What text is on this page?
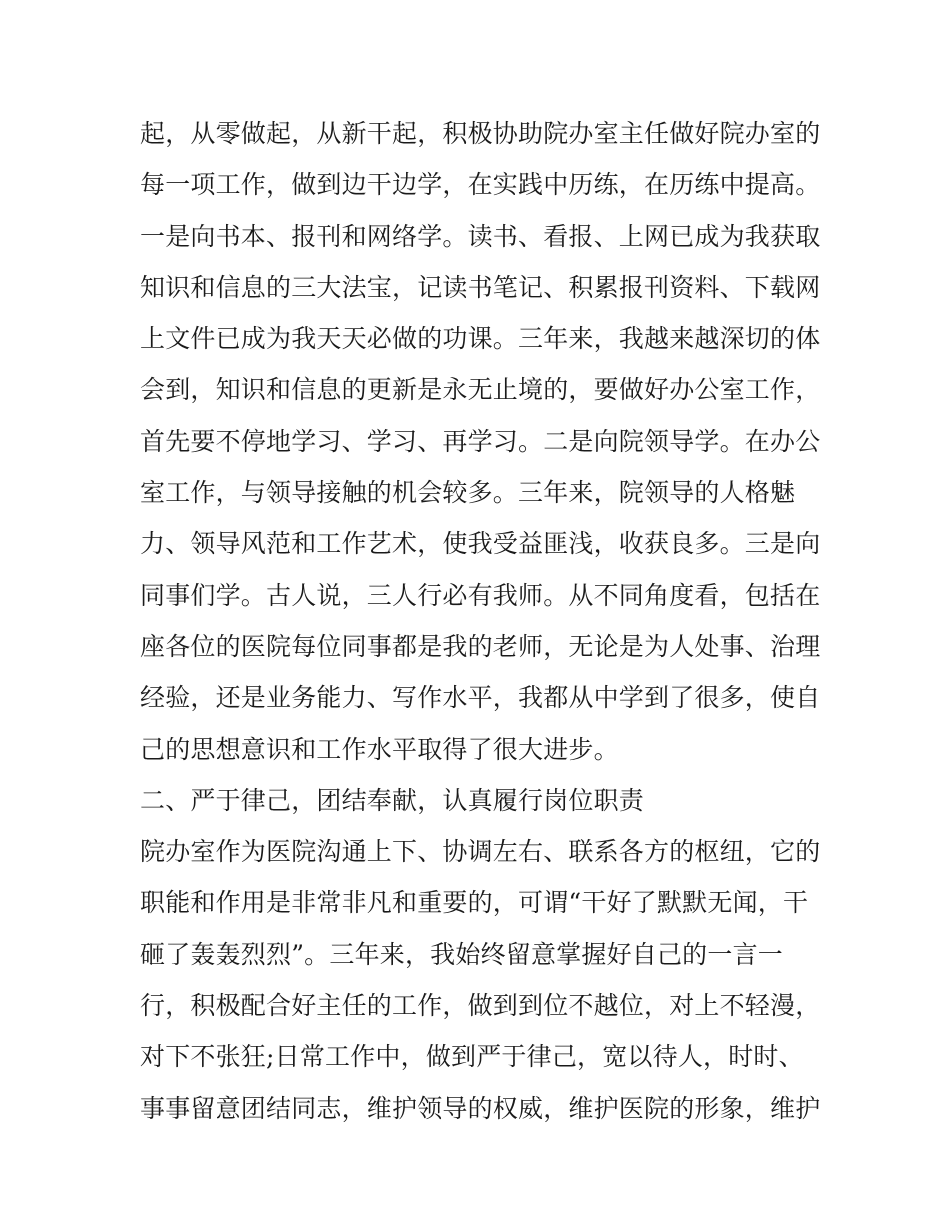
起，从零做起，从新干起，积极协助院办室主任做好院办室的
每一项工作，做到边干边学，在实践中历练，在历练中提高。
一是向书本、报刊和网络学。读书、看报、上网已成为我获取
知识和信息的三大法宝，记读书笔记、积累报刊资料、下载网
上文件已成为我天天必做的功课。三年来，我越来越深切的体
会到，知识和信息的更新是永无止境的，要做好办公室工作，
首先要不停地学习、学习、再学习。二是向院领导学。在办公
室工作，与领导接触的机会较多。三年来，院领导的人格魅
力、领导风范和工作艺术，使我受益匪浅，收获良多。三是向
同事们学。古人说，三人行必有我师。从不同角度看，包括在
座各位的医院每位同事都是我的老师，无论是为人处事、治理
经验，还是业务能力、写作水平，我都从中学到了很多，使自
己的思想意识和工作水平取得了很大进步。
二、严于律己，团结奉献，认真履行岗位职责
院办室作为医院沟通上下、协调左右、联系各方的枢纽，它的
职能和作用是非常非凡和重要的，可谓“干好了默默无闻，干
砸了轰轰烈烈”。三年来，我始终留意掌握好自己的一言一
行，积极配合好主任的工作，做到到位不越位，对上不轻漫，
对下不张狂;日常工作中，做到严于律己，宽以待人，时时、
事事留意团结同志，维护领导的权威，维护医院的形象，维护
